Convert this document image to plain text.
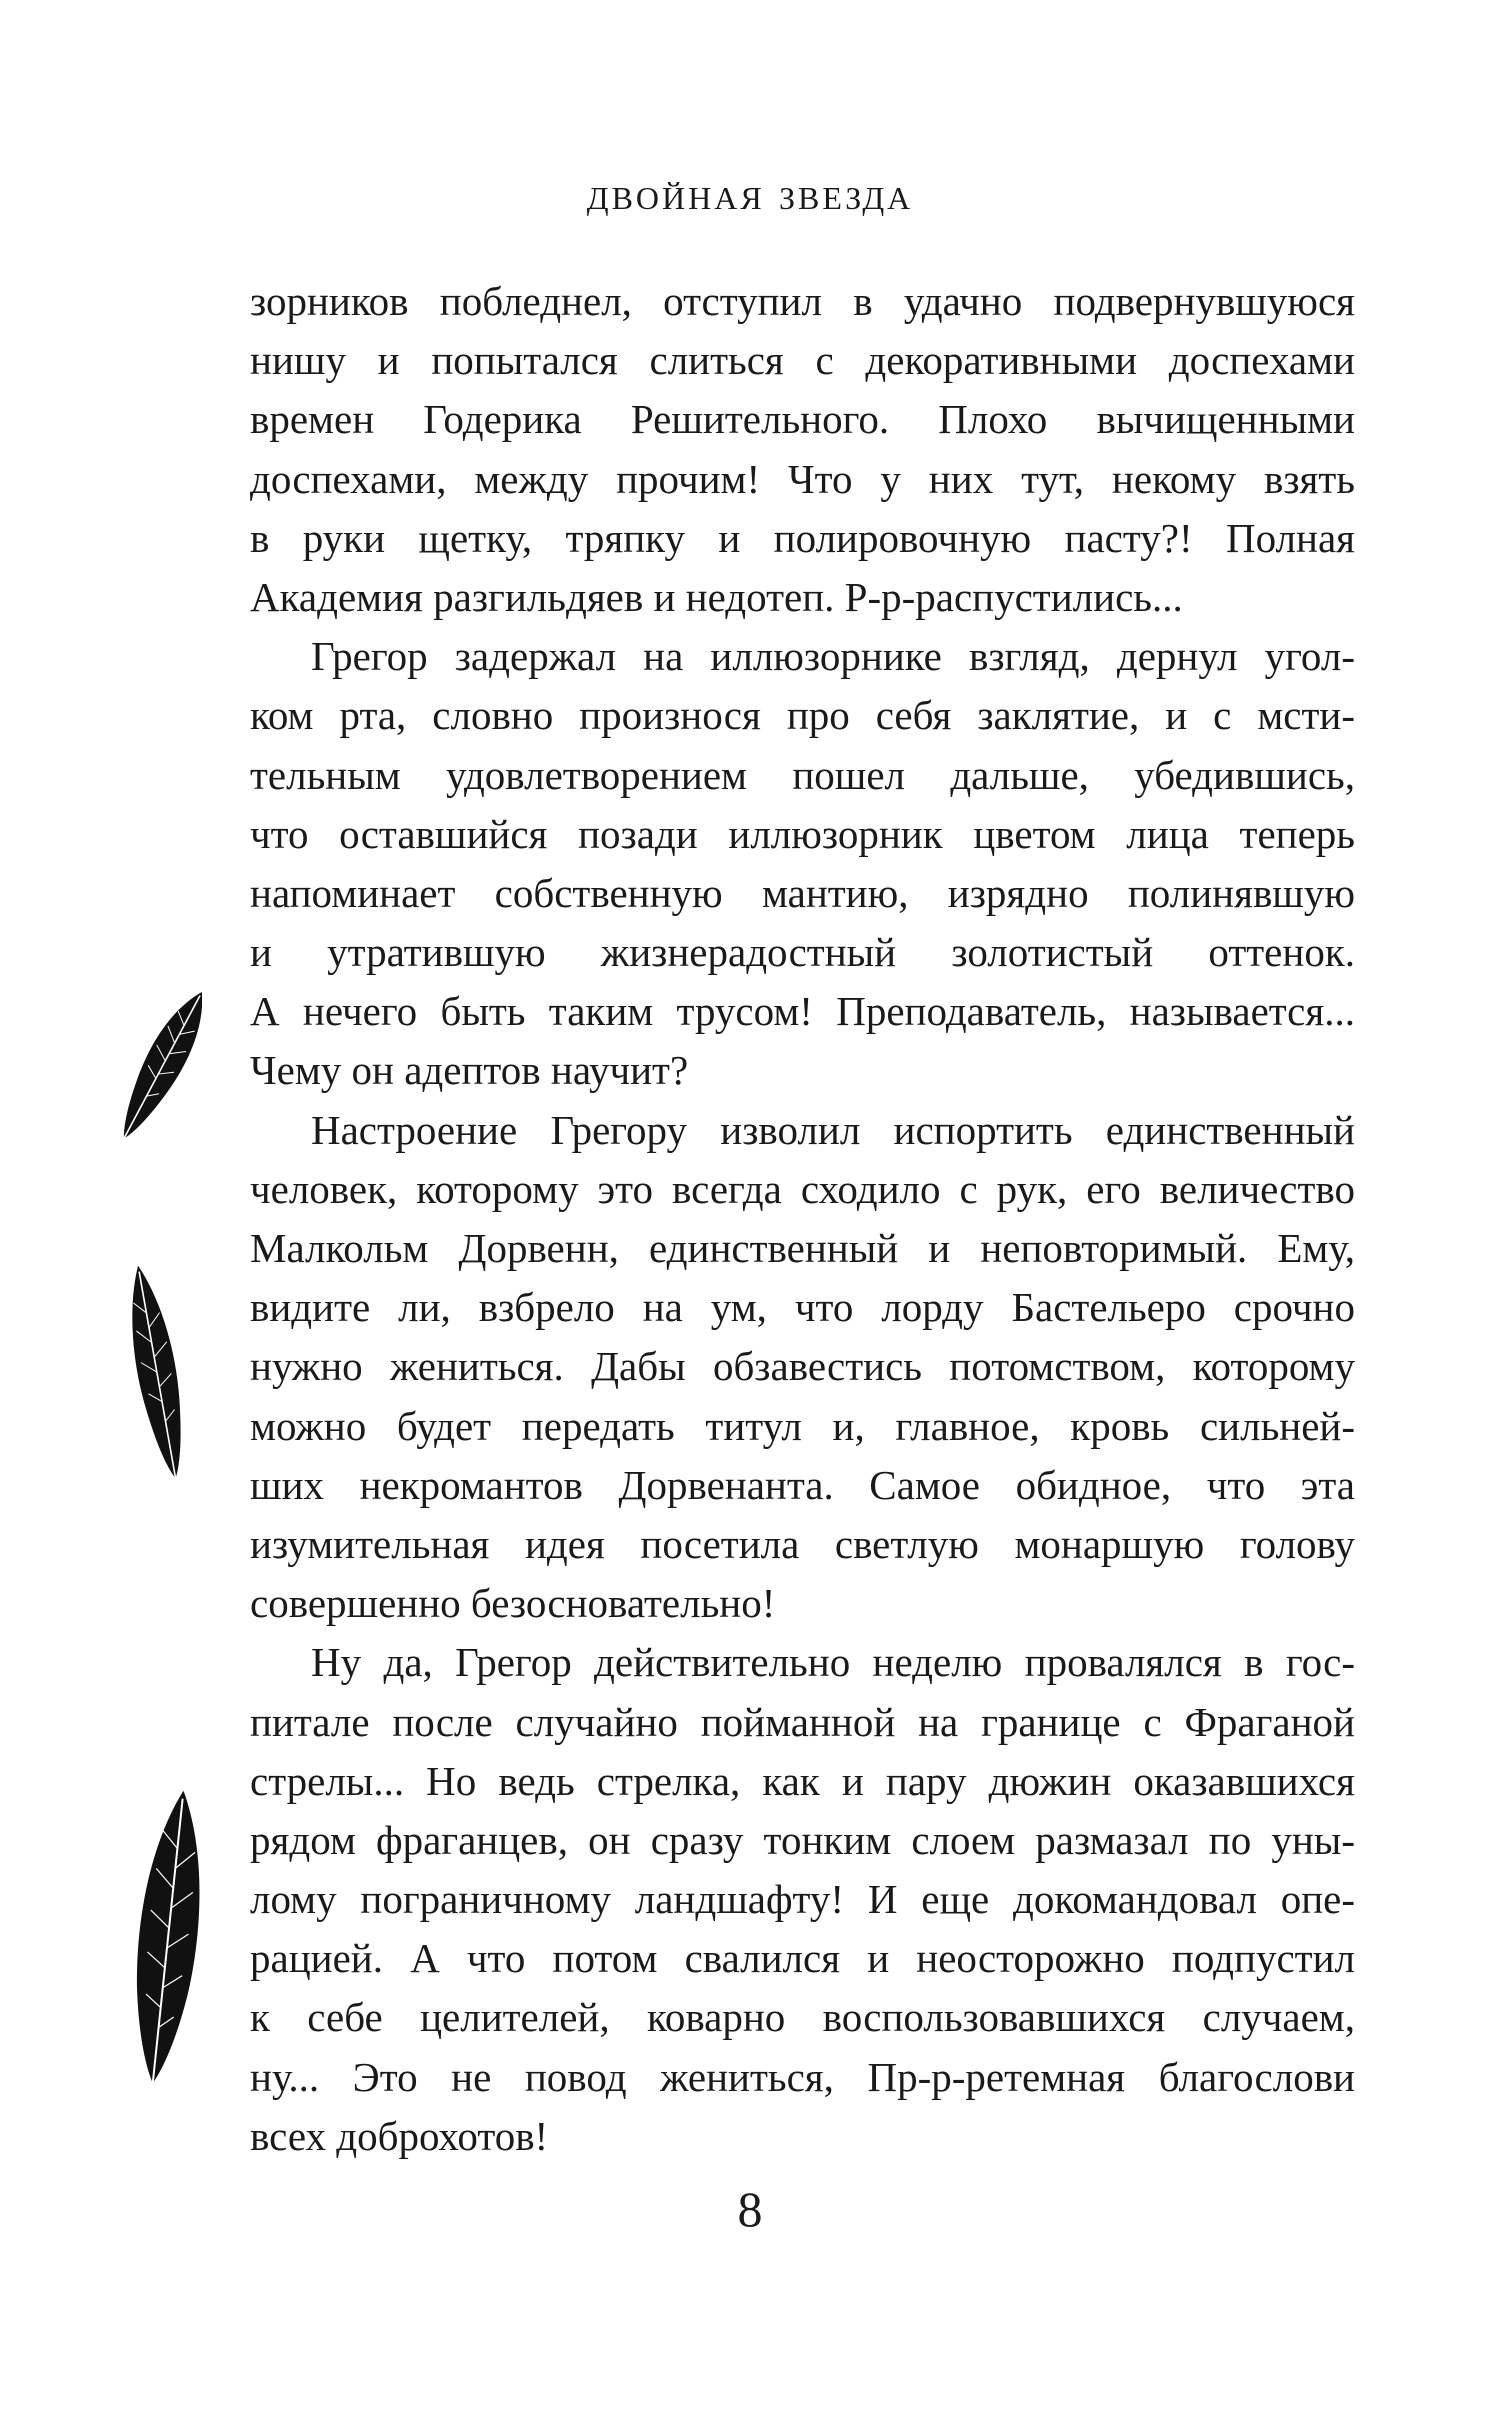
двойная звезда
зорников побледнел, отступил в удачно подвернувшуюся
нишу и попытался слиться с декоративными доспехами
времен Годерика Решительного. Плохо вычищенными
доспехами, между прочим! Что у них тут, некому взять
в руки щетку, тряпку и полировочную пасту?! Полная
Академия разгильдяев и недотеп. Р-р-распустились...
Грегор задержал на иллюзорнике взгляд, дернул угол-
ком рта, словно произнося про себя заклятие, и с мсти-
тельным удовлетворением пошел дальше, убедившись,
что оставшийся позади иллюзорник цветом лица теперь
напоминает собственную мантию, изрядно полинявшую
и утратившую жизнерадостный золотистый оттенок.
А нечего быть таким трусом! Преподаватель, называется...
Чему он адептов научит?
Настроение Грегору изволил испортить единственный
человек, которому это всегда сходило с рук, его величество
Малкольм Дорвенн, единственный и неповторимый. Ему,
видите ли, взбрело на ум, что лорду Бастельеро срочно
нужно жениться. Дабы обзавестись потомством, которому
можно будет передать титул и, главное, кровь сильней-
ших некромантов Дорвенанта. Самое обидное, что эта
изумительная идея посетила светлую монаршую голову
совершенно безосновательно!
Ну да, Грегор действительно неделю провалялся в гос-
питале после случайно пойманной на границе с Фраганой
стрелы... Но ведь стрелка, как и пару дюжин оказавшихся
рядом фраганцев, он сразу тонким слоем размазал по уны-
лому пограничному ландшафту! И еще докомандовал опе-
рацией. А что потом свалился и неосторожно подпустил
к себе целителей, коварно воспользовавшихся случаем,
ну... Это не повод жениться, Пр-р-ретемная благослови
всех доброхотов!
8
